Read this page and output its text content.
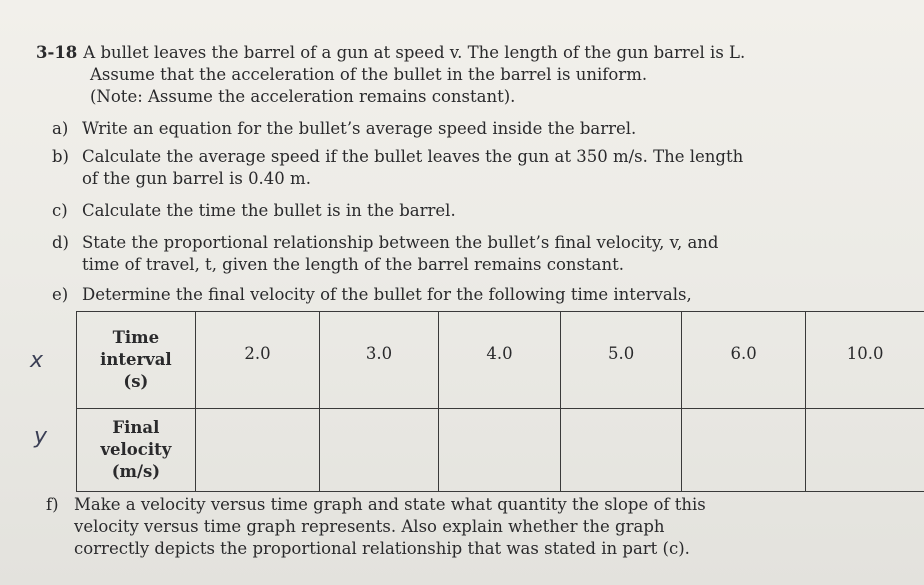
3-18 A bullet leaves the barrel of a gun at speed v. The length of the gun barrel is L.
Assume that the acceleration of the bullet in the barrel is uniform.
(Note: Assume the acceleration remains constant).
a) Write an equation for the bullet’s average speed inside the barrel.
b) Calculate the average speed if the bullet leaves the gun at 350 m/s. The length
of the gun barrel is 0.40 m.
c) Calculate the time the bullet is in the barrel.
d) State the proportional relationship between the bullet’s final velocity, v, and
time of travel, t, given the length of the barrel remains constant.
e) Determine the final velocity of the bullet for the following time intervals,
x
y
Time
interval
(s)	2.0	3.0	4.0	5.0	6.0	10.0

Final
velocity
(m/s)						

f) Make a velocity versus time graph and state what quantity the slope of this
velocity versus time graph represents. Also explain whether the graph
correctly depicts the proportional relationship that was stated in part (c).
